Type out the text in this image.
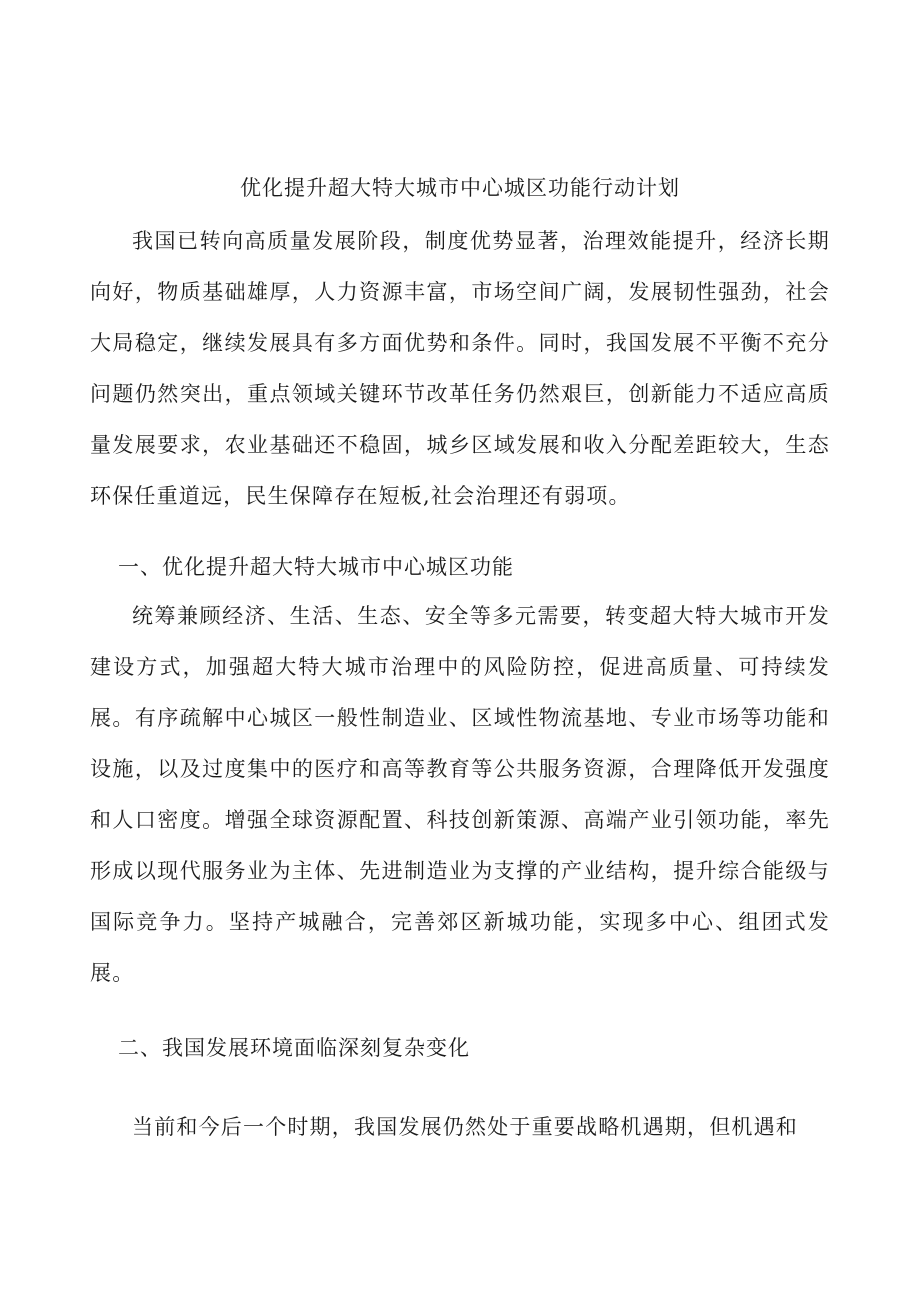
优化提升超大特大城市中心城区功能行动计划

我国已转向高质量发展阶段，制度优势显著，治理效能提升，经济长期向好，物质基础雄厚，人力资源丰富，市场空间广阔，发展韧性强劲，社会大局稳定，继续发展具有多方面优势和条件。同时，我国发展不平衡不充分问题仍然突出，重点领域关键环节改革任务仍然艰巨，创新能力不适应高质量发展要求，农业基础还不稳固，城乡区域发展和收入分配差距较大，生态环保任重道远，民生保障存在短板,社会治理还有弱项。

一、优化提升超大特大城市中心城区功能

统筹兼顾经济、生活、生态、安全等多元需要，转变超大特大城市开发建设方式，加强超大特大城市治理中的风险防控，促进高质量、可持续发展。有序疏解中心城区一般性制造业、区域性物流基地、专业市场等功能和设施，以及过度集中的医疗和高等教育等公共服务资源，合理降低开发强度和人口密度。增强全球资源配置、科技创新策源、高端产业引领功能，率先形成以现代服务业为主体、先进制造业为支撑的产业结构，提升综合能级与国际竞争力。坚持产城融合，完善郊区新城功能，实现多中心、组团式发展。

二、我国发展环境面临深刻复杂变化

当前和今后一个时期，我国发展仍然处于重要战略机遇期，但机遇和
